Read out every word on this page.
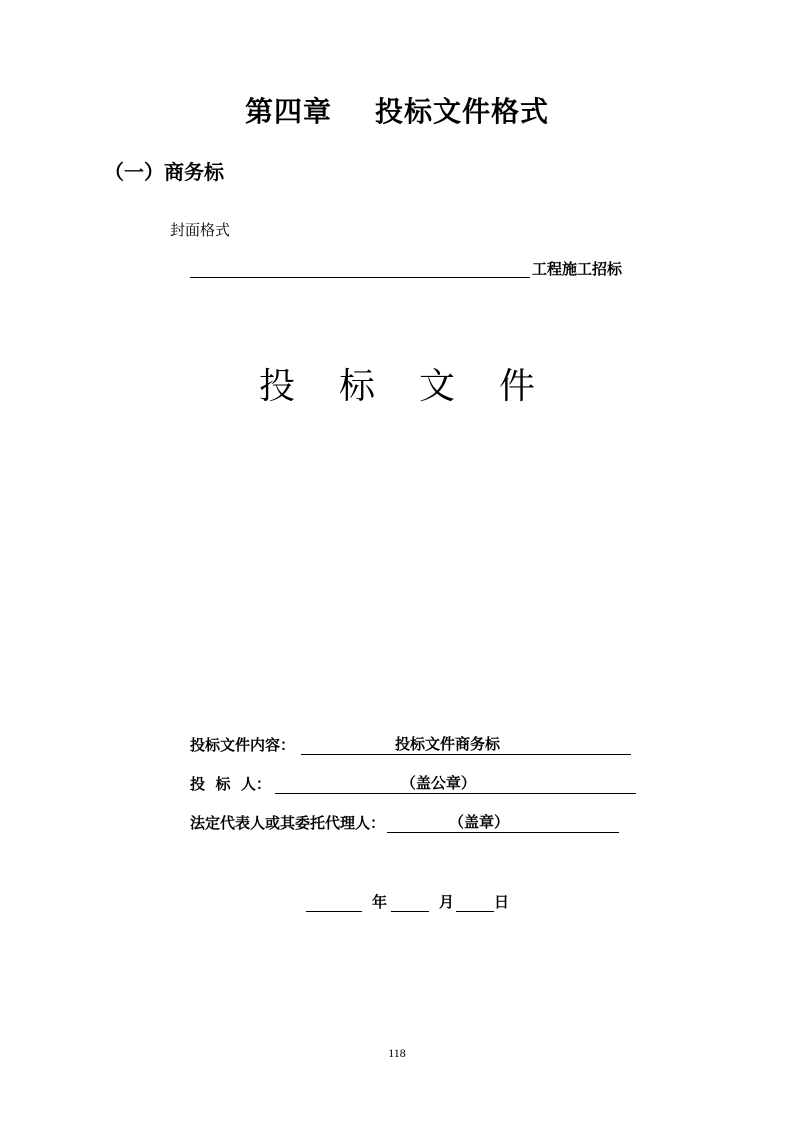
第四章    投标文件格式
（一）商务标
封面格式
工程施工招标
投 标 文 件
投标文件内容：	投标文件商务标
投  标  人：	（盖公章）
法定代表人或其委托代理人：	（盖章）
年	月	日
118
